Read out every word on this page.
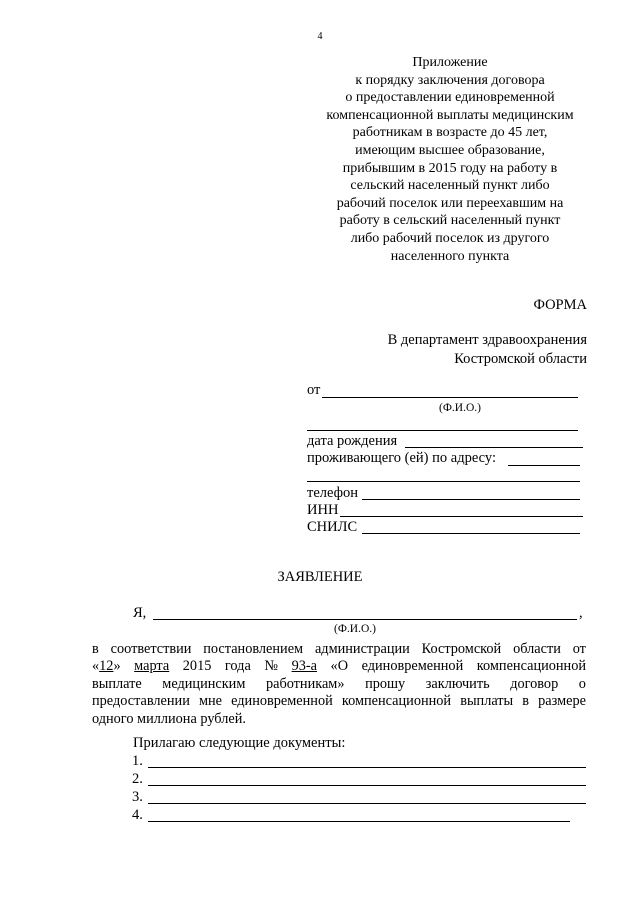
4
Приложение
к порядку заключения договора
о предоставлении единовременной
компенсационной выплаты медицинским
работникам в возрасте до 45 лет,
имеющим высшее образование,
прибывшим в 2015 году на работу в
сельский населенный пункт либо
рабочий поселок или переехавшим на
работу в сельский населенный пункт
либо рабочий поселок из другого
населенного пункта
ФОРМА
В департамент здравоохранения
Костромской области
от
(Ф.И.О.)
дата рождения
проживающего (ей) по адресу:
телефон
ИНН
СНИЛС
ЗАЯВЛЕНИЕ
Я,	,
(Ф.И.О.)
в соответствии постановлением администрации Костромской области от
«12» марта 2015 года № 93-а «О единовременной компенсационной
выплате медицинским работникам» прошу заключить договор о
предоставлении мне единовременной компенсационной выплаты в размере
одного миллиона рублей.
Прилагаю следующие документы:
1.
2.
3.
4.
